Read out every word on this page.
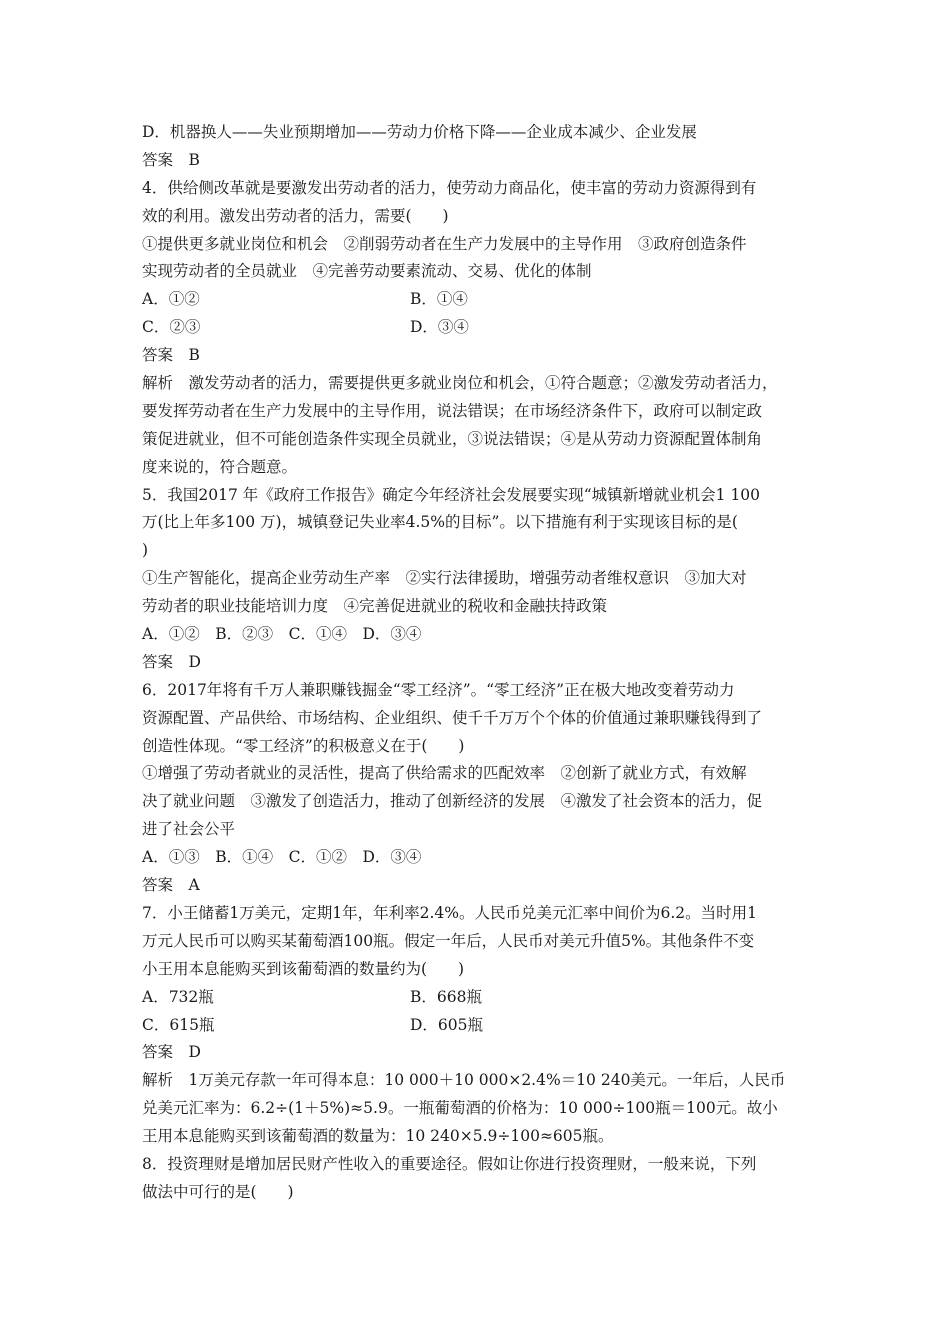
D．机器换人——失业预期增加——劳动力价格下降——企业成本减少、企业发展
答案　B
4．供给侧改革就是要激发出劳动者的活力，使劳动力商品化，使丰富的劳动力资源得到有
效的利用。激发出劳动者的活力，需要(　　)
①提供更多就业岗位和机会　②削弱劳动者在生产力发展中的主导作用　③政府创造条件
实现劳动者的全员就业　④完善劳动要素流动、交易、优化的体制
A．①②	B．①④
C．②③	D．③④
答案　B
解析　激发劳动者的活力，需要提供更多就业岗位和机会，①符合题意；②激发劳动者活力，
要发挥劳动者在生产力发展中的主导作用，说法错误；在市场经济条件下，政府可以制定政
策促进就业，但不可能创造条件实现全员就业，③说法错误；④是从劳动力资源配置体制角
度来说的，符合题意。
5．我国2017 年《政府工作报告》确定今年经济社会发展要实现“城镇新增就业机会1 100
万(比上年多100 万)，城镇登记失业率4.5%的目标”。以下措施有利于实现该目标的是(
)
①生产智能化，提高企业劳动生产率　②实行法律援助，增强劳动者维权意识　③加大对
劳动者的职业技能培训力度　④完善促进就业的税收和金融扶持政策
A．①②　B．②③　C．①④　D．③④
答案　D
6．2017年将有千万人兼职赚钱掘金“零工经济”。“零工经济”正在极大地改变着劳动力
资源配置、产品供给、市场结构、企业组织、使千千万万个个体的价值通过兼职赚钱得到了
创造性体现。“零工经济”的积极意义在于(　　)
①增强了劳动者就业的灵活性，提高了供给需求的匹配效率　②创新了就业方式，有效解
决了就业问题　③激发了创造活力，推动了创新经济的发展　④激发了社会资本的活力，促
进了社会公平
A．①③　B．①④　C．①②　D．③④
答案　A
7．小王储蓄1万美元，定期1年，年利率2.4%。人民币兑美元汇率中间价为6.2。当时用1
万元人民币可以购买某葡萄酒100瓶。假定一年后，人民币对美元升值5%。其他条件不变
小王用本息能购买到该葡萄酒的数量约为(　　)
A．732瓶	B．668瓶
C．615瓶	D．605瓶
答案　D
解析　1万美元存款一年可得本息：10 000＋10 000×2.4%＝10 240美元。一年后，人民币
兑美元汇率为：6.2÷(1＋5%)≈5.9。一瓶葡萄酒的价格为：10 000÷100瓶＝100元。故小
王用本息能购买到该葡萄酒的数量为：10 240×5.9÷100≈605瓶。
8．投资理财是增加居民财产性收入的重要途径。假如让你进行投资理财，一般来说，下列
做法中可行的是(　　)
